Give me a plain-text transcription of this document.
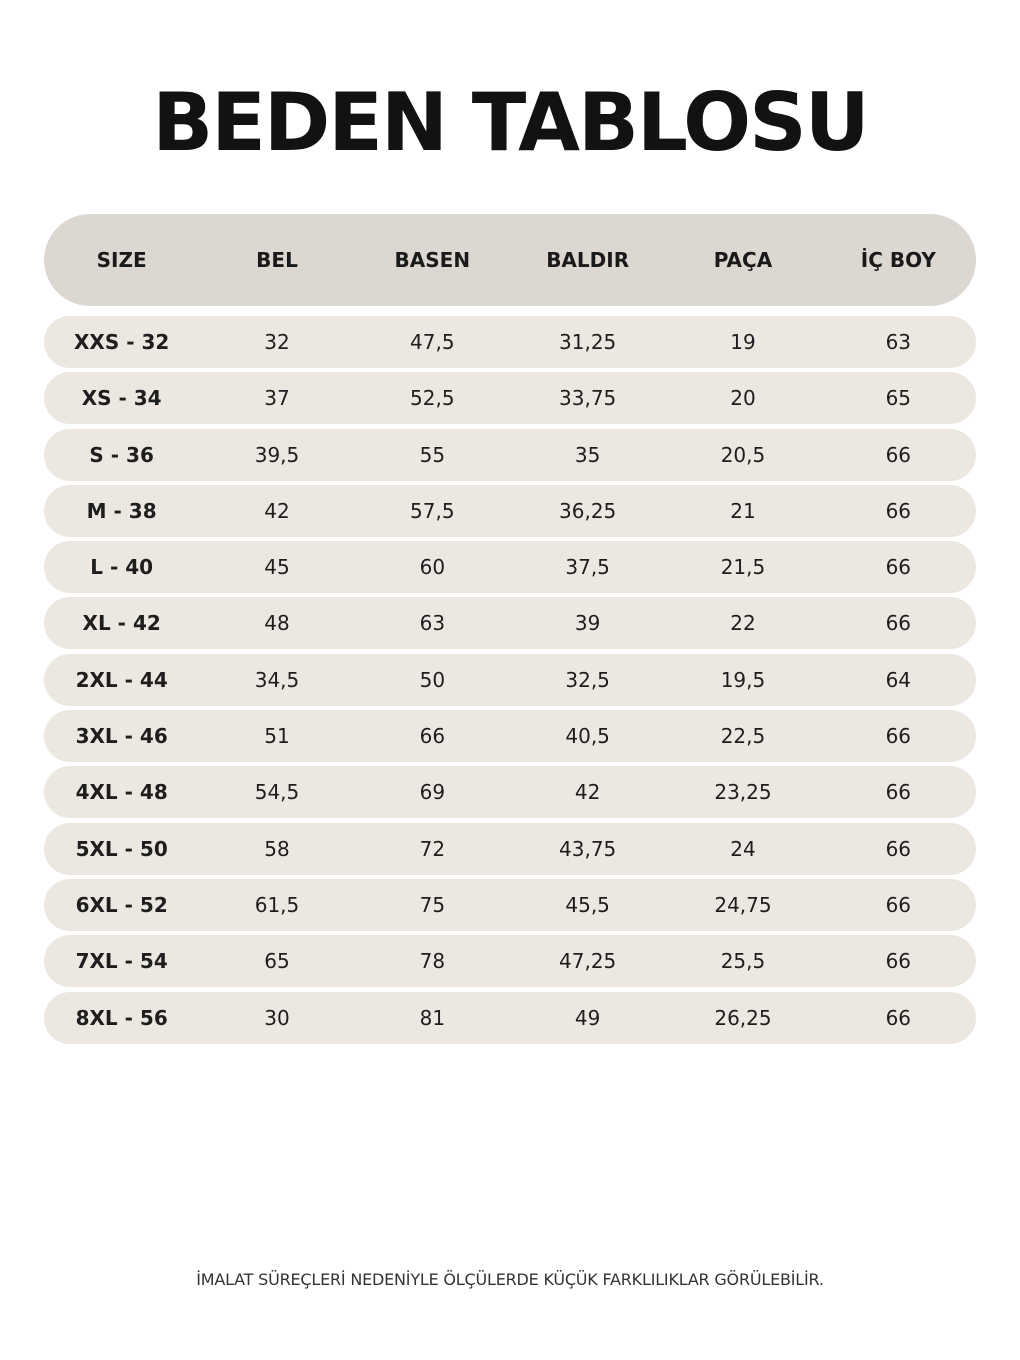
BEDEN TABLOSU
SIZE	BEL	BASEN	BALDIR	PAÇA	İÇ BOY
XXS - 32	32	47,5	31,25	19	63
XS - 34	37	52,5	33,75	20	65
S - 36	39,5	55	35	20,5	66
M - 38	42	57,5	36,25	21	66
L - 40	45	60	37,5	21,5	66
XL - 42	48	63	39	22	66
2XL - 44	34,5	50	32,5	19,5	64
3XL - 46	51	66	40,5	22,5	66
4XL - 48	54,5	69	42	23,25	66
5XL - 50	58	72	43,75	24	66
6XL - 52	61,5	75	45,5	24,75	66
7XL - 54	65	78	47,25	25,5	66
8XL - 56	30	81	49	26,25	66
İMALAT SÜREÇLERİ NEDENİYLE ÖLÇÜLERDE KÜÇÜK FARKLILIKLAR GÖRÜLEBİLİR.
